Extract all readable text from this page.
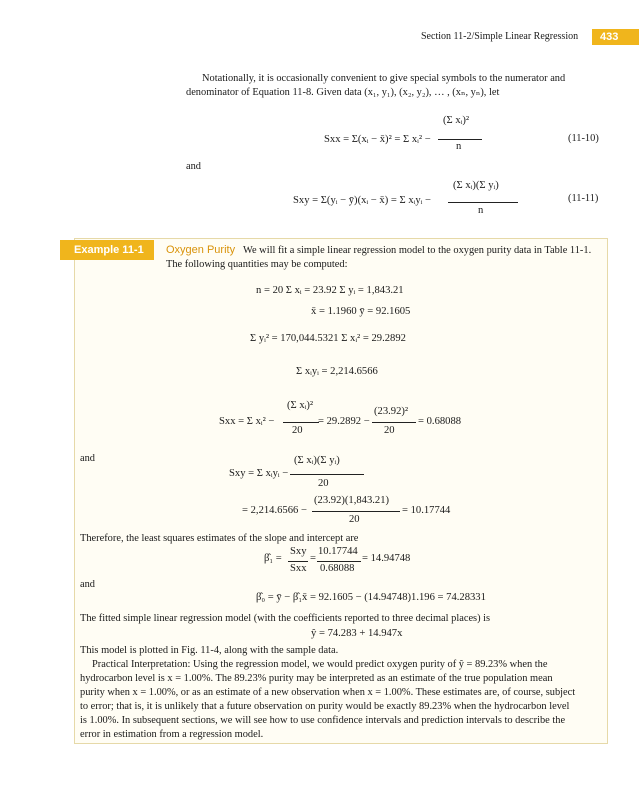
Section 11-2/Simple Linear Regression	433
Notationally, it is occasionally convenient to give special symbols to the numerator and
denominator of Equation 11-8. Given data (x₁, y₁), (x₂, y₂), … , (xₙ, yₙ), let
Sxx = Σ(xᵢ − x̄)² = Σ xᵢ² −
(Σ xᵢ)²
n
(11-10)
and
Sxy = Σ(yᵢ − ȳ)(xᵢ − x̄) = Σ xᵢyᵢ −
(Σ xᵢ)(Σ yᵢ)
n
(11-11)
Example 11-1	Oxygen Purity We will fit a simple linear regression model to the oxygen purity data in Table 11-1.
The following quantities may be computed:
n = 20 Σ xᵢ = 23.92 Σ yᵢ = 1,843.21
x̄ = 1.1960 ȳ = 92.1605
Σ yᵢ² = 170,044.5321 Σ xᵢ² = 29.2892
Σ xᵢyᵢ = 2,214.6566
Sxx = Σ xᵢ² −
(Σ xᵢ)²
20
= 29.2892 −
(23.92)²
20
= 0.68088
and
Sxy = Σ xᵢyᵢ −
(Σ xᵢ)(Σ yᵢ)
20
= 2,214.6566 −
(23.92)(1,843.21)
20
= 10.17744
Therefore, the least squares estimates of the slope and intercept are
β̂₁ =
Sxy
Sxx
=
10.17744
0.68088
= 14.94748
and
β̂₀ = ȳ − β̂₁x̄ = 92.1605 − (14.94748)1.196 = 74.28331
The fitted simple linear regression model (with the coefficients reported to three decimal places) is
ŷ = 74.283 + 14.947x
This model is plotted in Fig. 11-4, along with the sample data.
Practical Interpretation: Using the regression model, we would predict oxygen purity of ŷ = 89.23% when the
hydrocarbon level is x = 1.00%. The 89.23% purity may be interpreted as an estimate of the true population mean
purity when x = 1.00%, or as an estimate of a new observation when x = 1.00%. These estimates are, of course, subject
to error; that is, it is unlikely that a future observation on purity would be exactly 89.23% when the hydrocarbon level
is 1.00%. In subsequent sections, we will see how to use confidence intervals and prediction intervals to describe the
error in estimation from a regression model.
